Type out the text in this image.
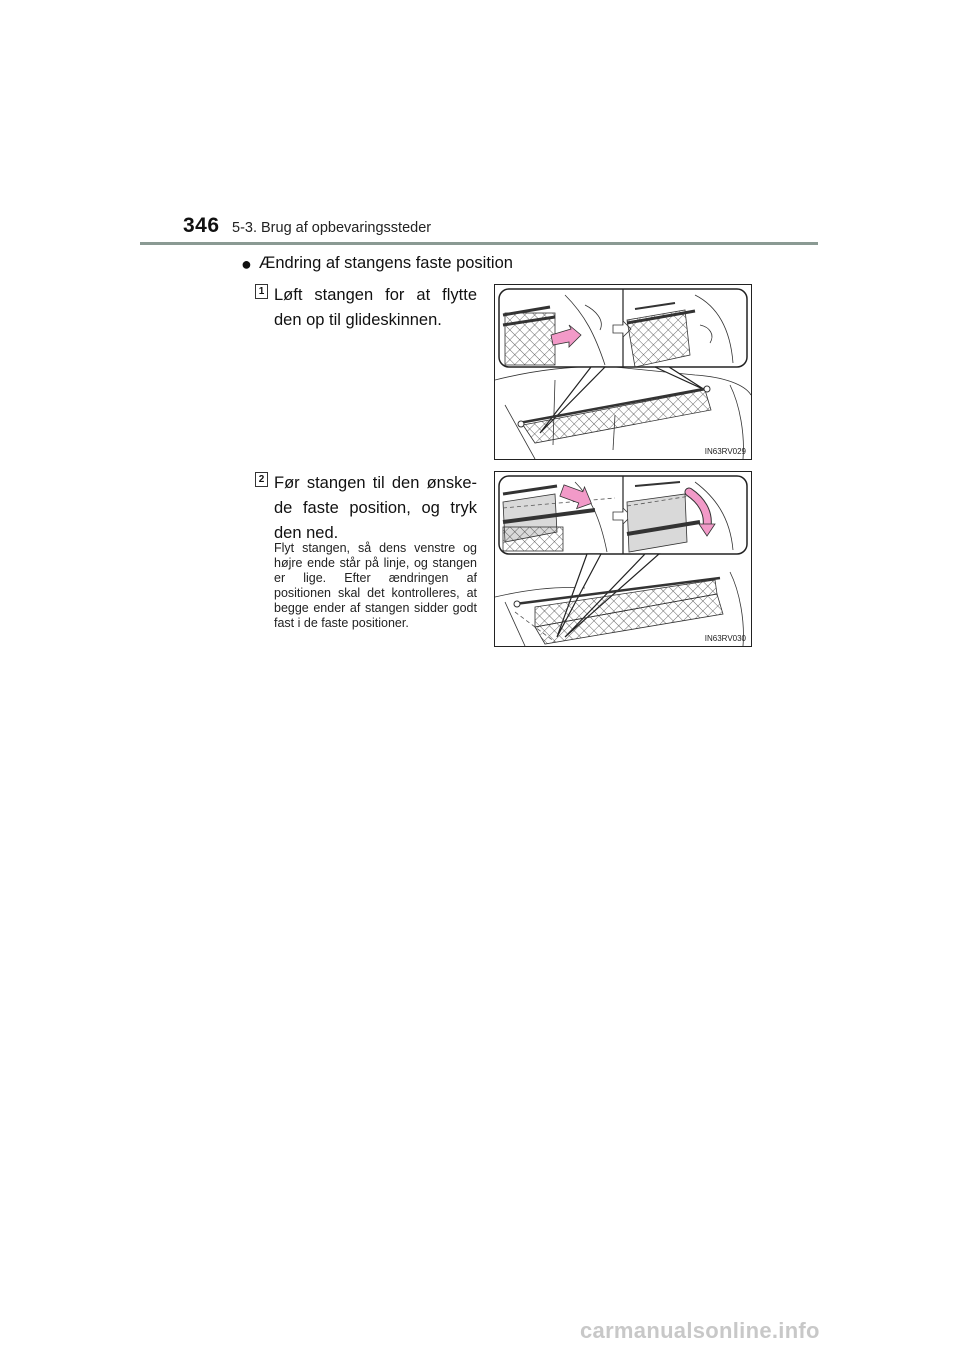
346 5-3. Brug af opbevaringssteder
● Ændring af stangens faste position
1 Løft stangen for at flytte den op til glideskinnen.
IN63RV029
2 Før stangen til den ønske-de faste position, og tryk den ned.
Flyt stangen, så dens venstre og højre ende står på linje, og stangen er lige. Efter ændringen af positionen skal det kontrolleres, at begge ender af stangen sidder godt fast i de faste positioner.
IN63RV030
carmanualsonline.info
